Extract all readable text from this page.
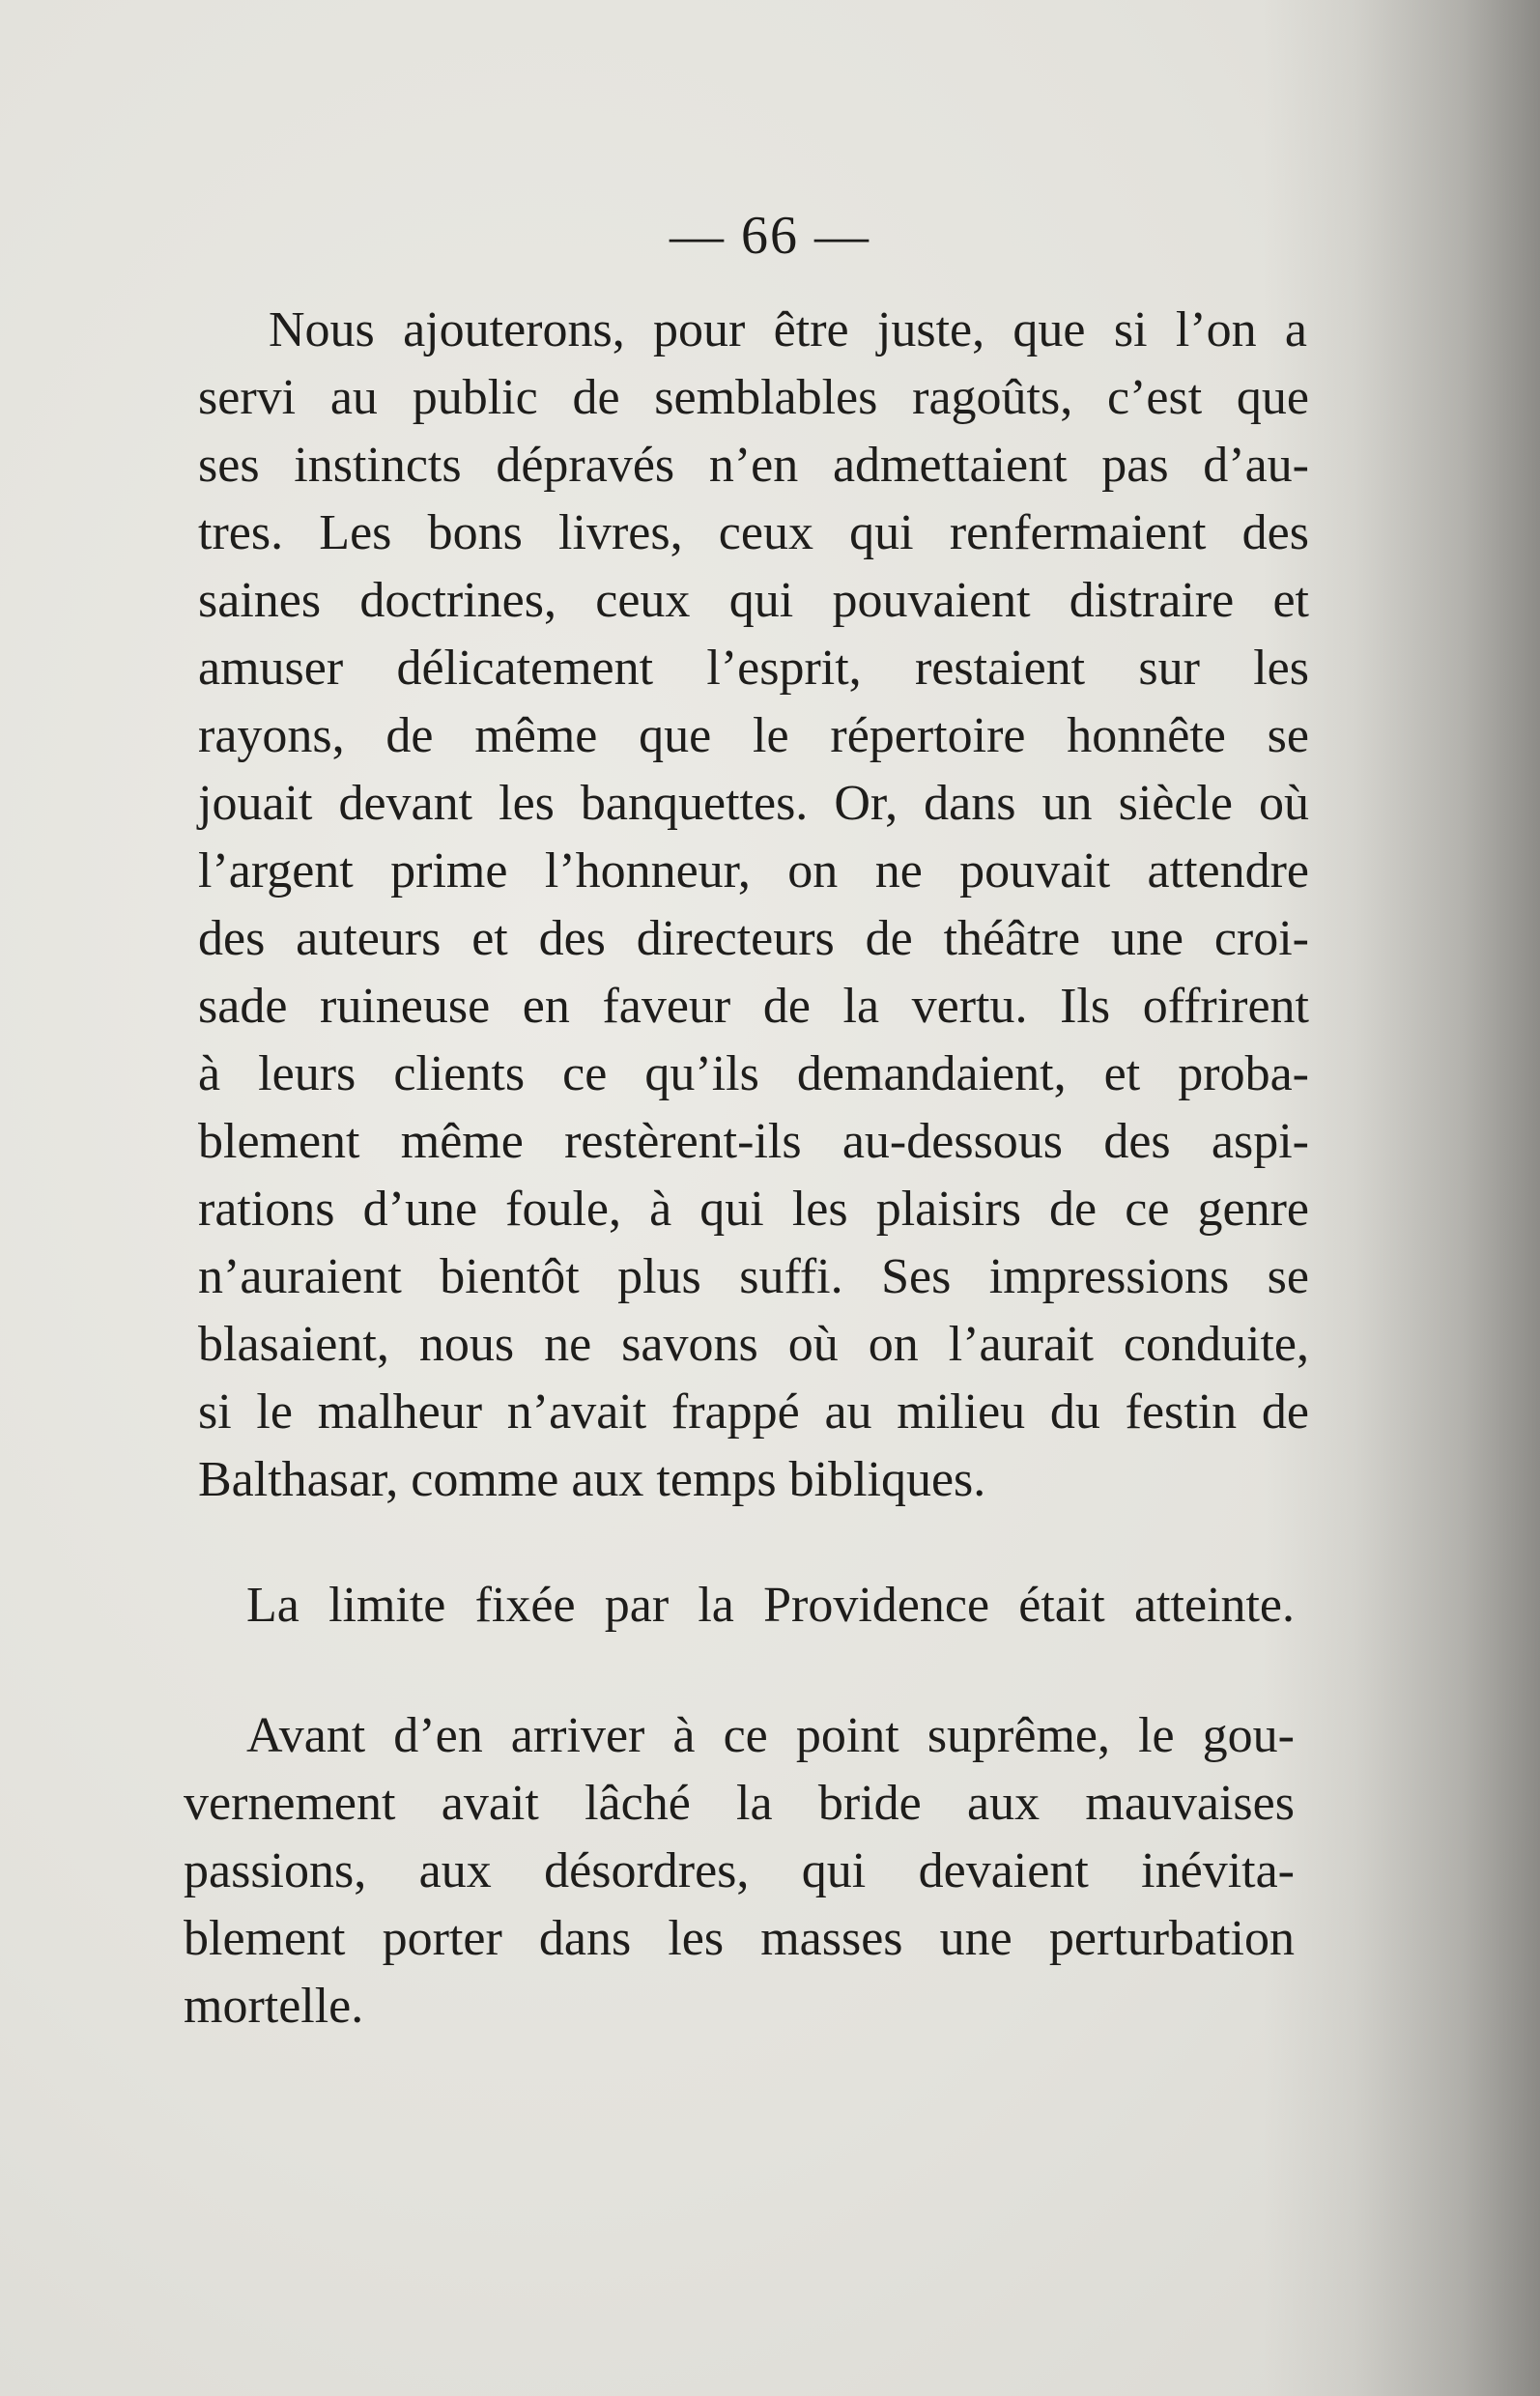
— 66 —
Nous ajouterons, pour être juste, que si l’on a
servi au public de semblables ragoûts, c’est que
ses instincts dépravés n’en admettaient pas d’au-
tres. Les bons livres, ceux qui renfermaient des
saines doctrines, ceux qui pouvaient distraire et
amuser délicatement l’esprit, restaient sur les
rayons, de même que le répertoire honnête se
jouait devant les banquettes. Or, dans un siècle où
l’argent prime l’honneur, on ne pouvait attendre
des auteurs et des directeurs de théâtre une croi-
sade ruineuse en faveur de la vertu. Ils offrirent
à leurs clients ce qu’ils demandaient, et proba-
blement même restèrent-ils au-dessous des aspi-
rations d’une foule, à qui les plaisirs de ce genre
n’auraient bientôt plus suffi. Ses impressions se
blasaient, nous ne savons où on l’aurait conduite,
si le malheur n’avait frappé au milieu du festin de
Balthasar, comme aux temps bibliques.
La limite fixée par la Providence était atteinte.
Avant d’en arriver à ce point suprême, le gou-
vernement avait lâché la bride aux mauvaises
passions, aux désordres, qui devaient inévita-
blement porter dans les masses une perturbation
mortelle.
